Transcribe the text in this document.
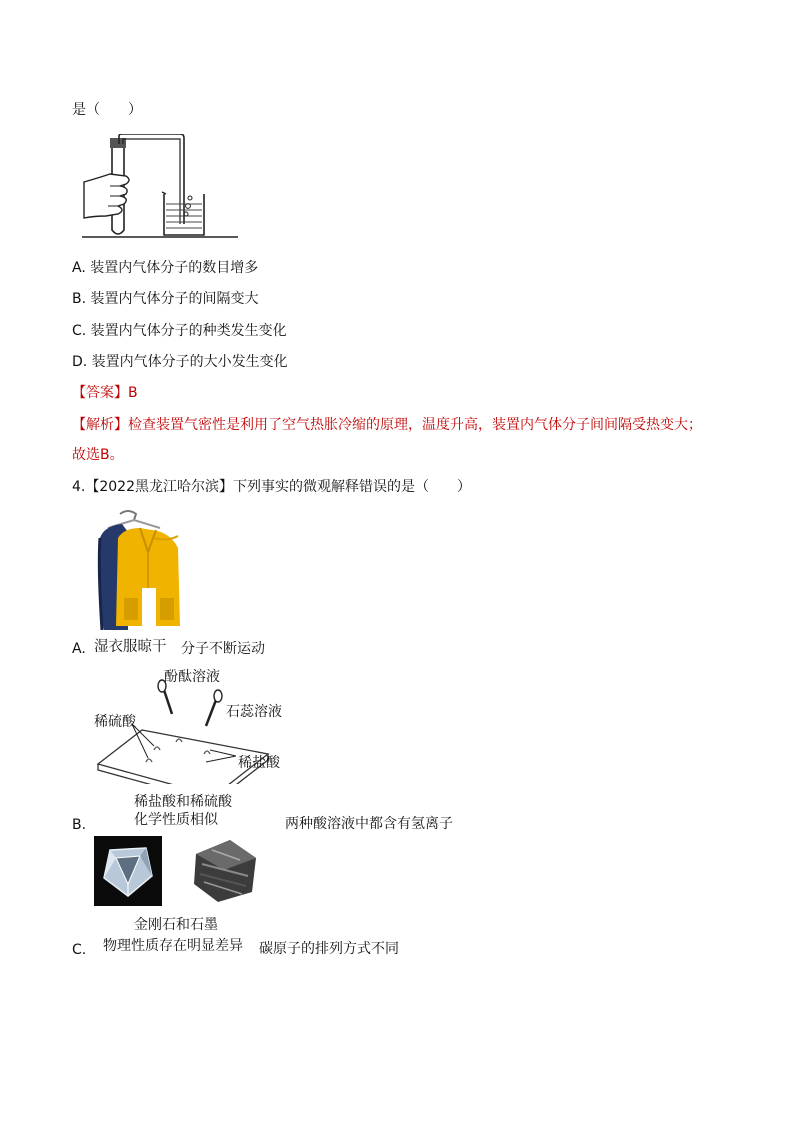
是（　　）
A. 装置内气体分子的数目增多
B. 装置内气体分子的间隔变大
C. 装置内气体分子的种类发生变化
D. 装置内气体分子的大小发生变化
【答案】B
【解析】检查装置气密性是利用了空气热胀冷缩的原理，温度升高，装置内气体分子间间隔受热变大；
故选B。
4.【2022黑龙江哈尔滨】下列事实的微观解释错误的是（　　）
A. 湿衣服晾干 分子不断运动
酚酞溶液
石蕊溶液
稀硫酸
稀盐酸
稀盐酸和稀硫酸
B.	化学性质相似	两种酸溶液中都含有氢离子
金刚石和石墨
C. 物理性质存在明显差异 碳原子的排列方式不同
